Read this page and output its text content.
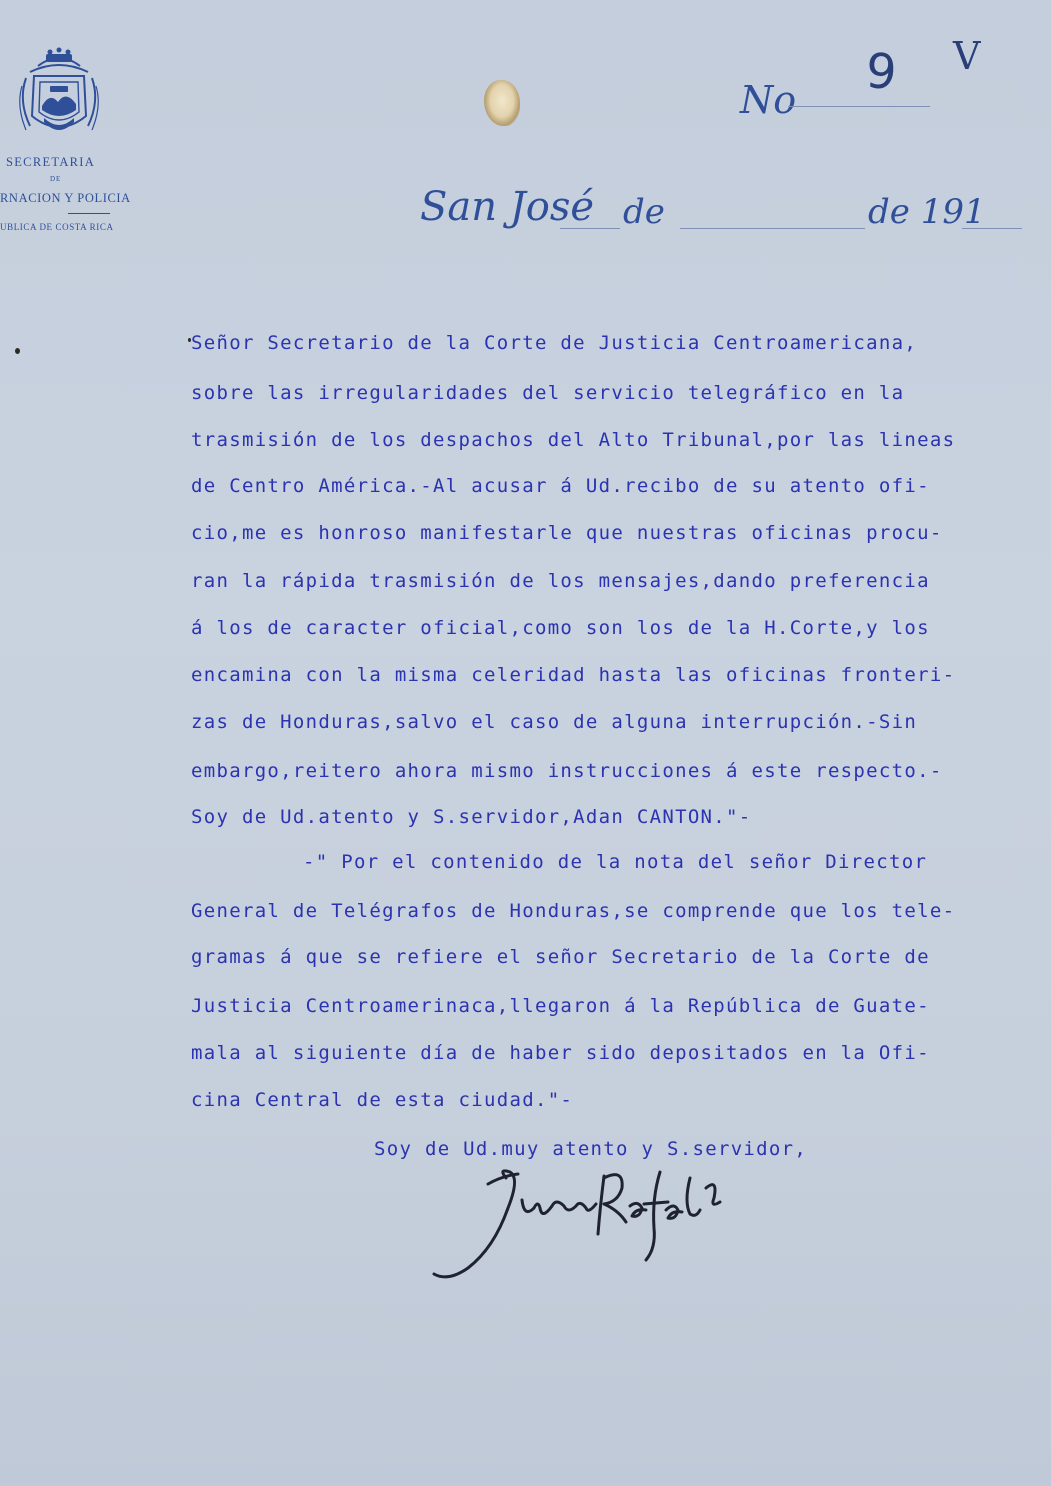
SECRETARIA
DE
RNACION Y POLICIA
UBLICA DE COSTA RICA
No 9 V
San José de	de 191
Señor Secretario de la Corte de Justicia Centroamericana,
sobre las irregularidades del servicio telegráfico en la
trasmisión de los despachos del Alto Tribunal,por las lineas
de Centro América.-Al acusar á Ud.recibo de su atento ofi-
cio,me es honroso manifestarle que nuestras oficinas procu-
ran la rápida trasmisión de los mensajes,dando preferencia
á los de caracter oficial,como son los de la H.Corte,y los
encamina con la misma celeridad hasta las oficinas fronteri-
zas de Honduras,salvo el caso de alguna interrupción.-Sin
embargo,reitero ahora mismo instrucciones á este respecto.-
Soy de Ud.atento y S.servidor,Adan CANTON."-
-" Por el contenido de la nota del señor Director
General de Telégrafos de Honduras,se comprende que los tele-
gramas á que se refiere el señor Secretario de la Corte de
Justicia Centroamerinaca,llegaron á la República de Guate-
mala al siguiente día de haber sido depositados en la Ofi-
cina Central de esta ciudad."-
Soy de Ud.muy atento y S.servidor,
